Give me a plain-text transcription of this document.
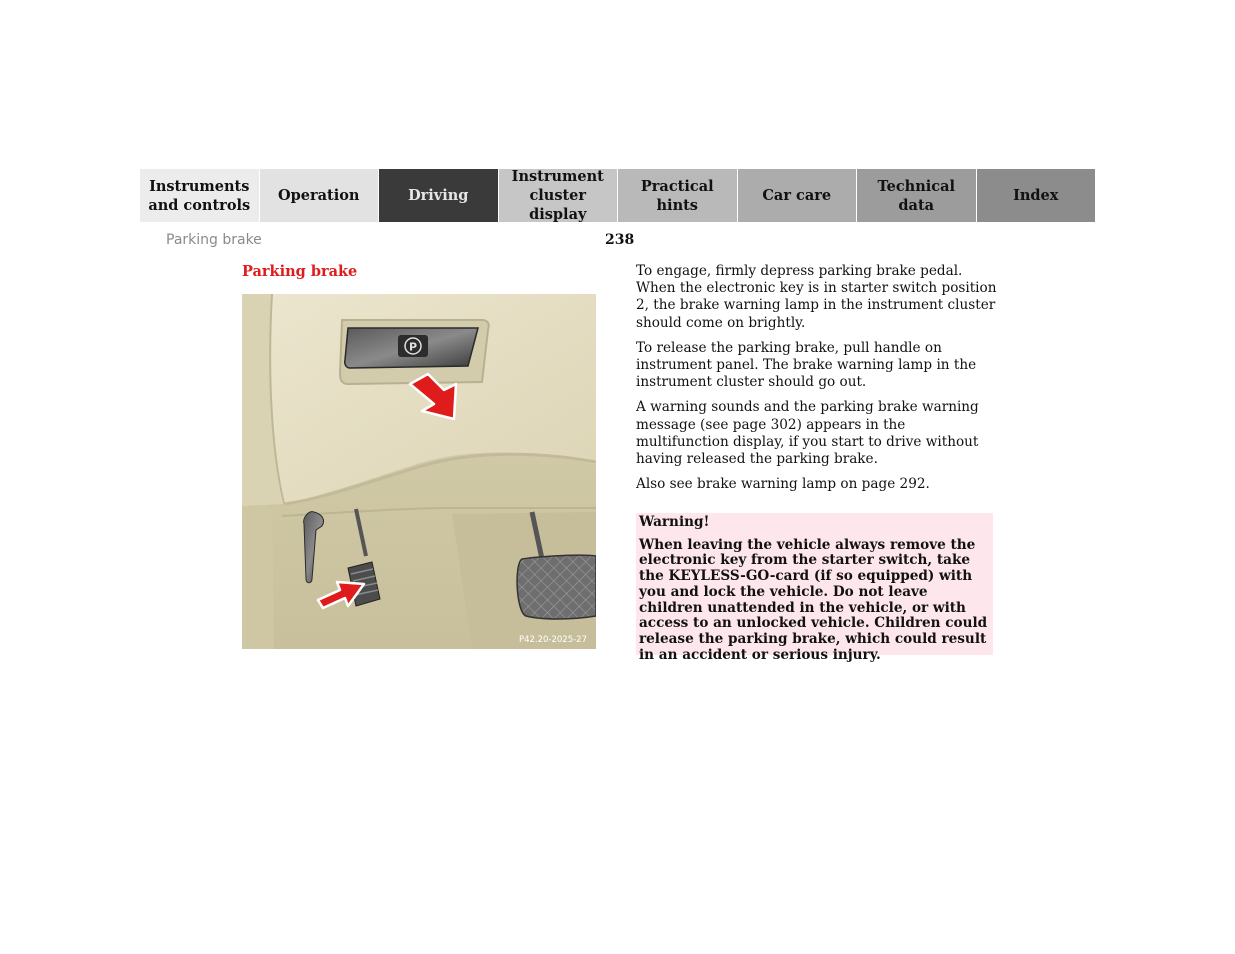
Instruments
and controls
Operation	Driving
Instrument
cluster display
Practical hints
Car care
Technical
data
Index
Parking brake	238
Parking brake
P
P42.20-2025-27

To engage, firmly depress parking brake pedal. When the electronic key is in starter switch position 2, the brake warning lamp in the instrument cluster should come on brightly.

To release the parking brake, pull handle on instrument panel. The brake warning lamp in the instrument cluster should go out.

A warning sounds and the parking brake warning message (see page 302) appears in the multifunction display, if you start to drive without having released the parking brake.

Also see brake warning lamp on page 292.

Warning!
When leaving the vehicle always remove the electronic key from the starter switch, take the KEYLESS-GO-card (if so equipped) with you and lock the vehicle. Do not leave children unattended in the vehicle, or with access to an unlocked vehicle. Children could release the parking brake, which could result in an accident or serious injury.
